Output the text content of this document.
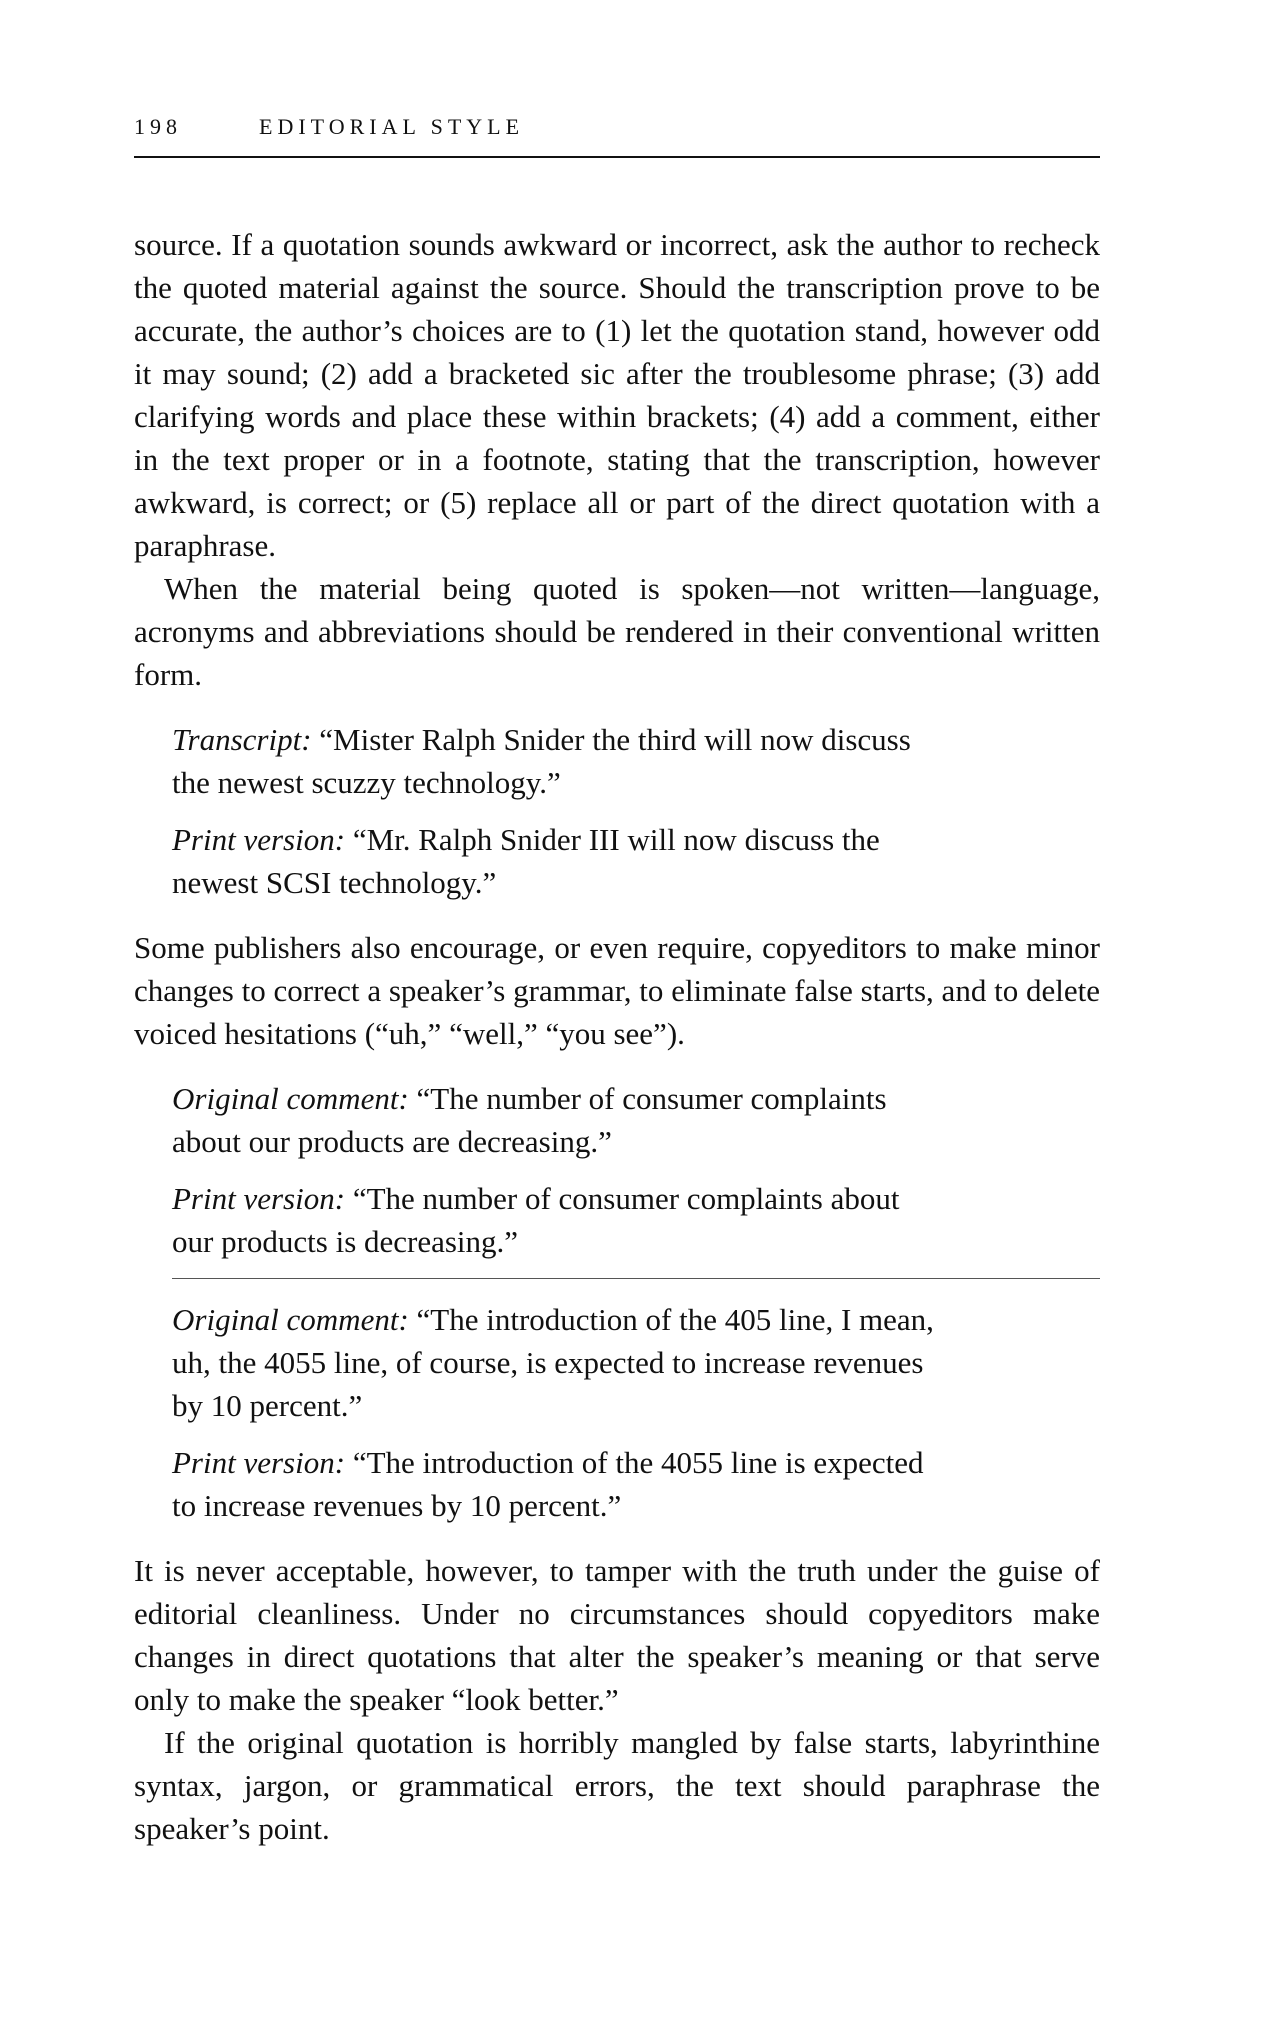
198	EDITORIAL STYLE

source. If a quotation sounds awkward or incorrect, ask the author to recheck the quoted material against the source. Should the transcription prove to be accurate, the author’s choices are to (1) let the quotation stand, however odd it may sound; (2) add a bracketed sic after the troublesome phrase; (3) add clarifying words and place these within brackets; (4) add a comment, either in the text proper or in a footnote, stating that the transcription, however awkward, is correct; or (5) replace all or part of the direct quotation with a paraphrase.

When the material being quoted is spoken—not written—language, acronyms and abbreviations should be rendered in their conventional written form.

Transcript: “Mister Ralph Snider the third will now discuss the newest scuzzy technology.”

Print version: “Mr. Ralph Snider III will now discuss the newest SCSI technology.”

Some publishers also encourage, or even require, copyeditors to make minor changes to correct a speaker’s grammar, to eliminate false starts, and to delete voiced hesitations (“uh,” “well,” “you see”).

Original comment: “The number of consumer complaints about our products are decreasing.”

Print version: “The number of consumer complaints about our products is decreasing.”

Original comment: “The introduction of the 405 line, I mean, uh, the 4055 line, of course, is expected to increase revenues by 10 percent.”

Print version: “The introduction of the 4055 line is expected to increase revenues by 10 percent.”

It is never acceptable, however, to tamper with the truth under the guise of editorial cleanliness. Under no circumstances should copyeditors make changes in direct quotations that alter the speaker’s meaning or that serve only to make the speaker “look better.”

If the original quotation is horribly mangled by false starts, labyrinthine syntax, jargon, or grammatical errors, the text should paraphrase the speaker’s point.
